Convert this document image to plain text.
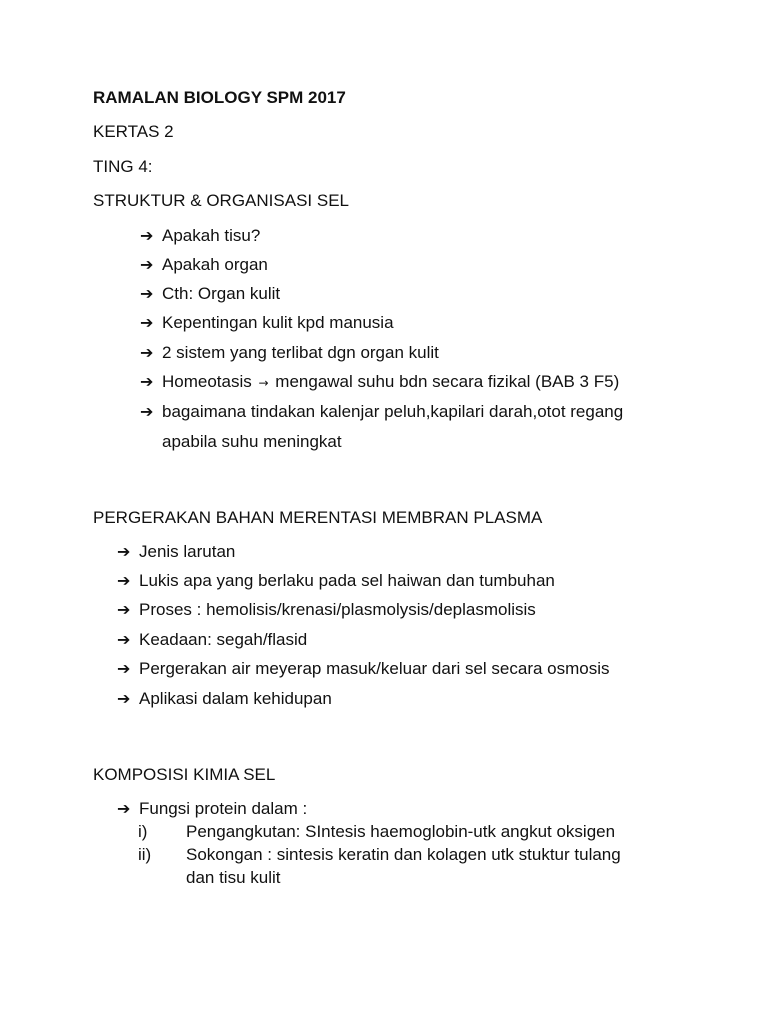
RAMALAN BIOLOGY SPM 2017
KERTAS 2
TING 4:
STRUKTUR & ORGANISASI SEL
➔ Apakah tisu?
➔ Apakah organ
➔ Cth: Organ kulit
➔ Kepentingan kulit kpd manusia
➔ 2 sistem yang terlibat dgn organ kulit
➔ Homeotasis → mengawal suhu bdn secara fizikal (BAB 3 F5)
➔ bagaimana tindakan kalenjar peluh,kapilari darah,otot regang
apabila suhu meningkat
PERGERAKAN BAHAN MERENTASI MEMBRAN PLASMA
➔ Jenis larutan
➔ Lukis apa yang berlaku pada sel haiwan dan tumbuhan
➔ Proses : hemolisis/krenasi/plasmolysis/deplasmolisis
➔ Keadaan: segah/flasid
➔ Pergerakan air meyerap masuk/keluar dari sel secara osmosis
➔ Aplikasi dalam kehidupan
KOMPOSISI KIMIA SEL
➔ Fungsi protein dalam :
i) Pengangkutan: SIntesis haemoglobin-utk angkut oksigen
ii) Sokongan : sintesis keratin dan kolagen utk stuktur tulang
dan tisu kulit
